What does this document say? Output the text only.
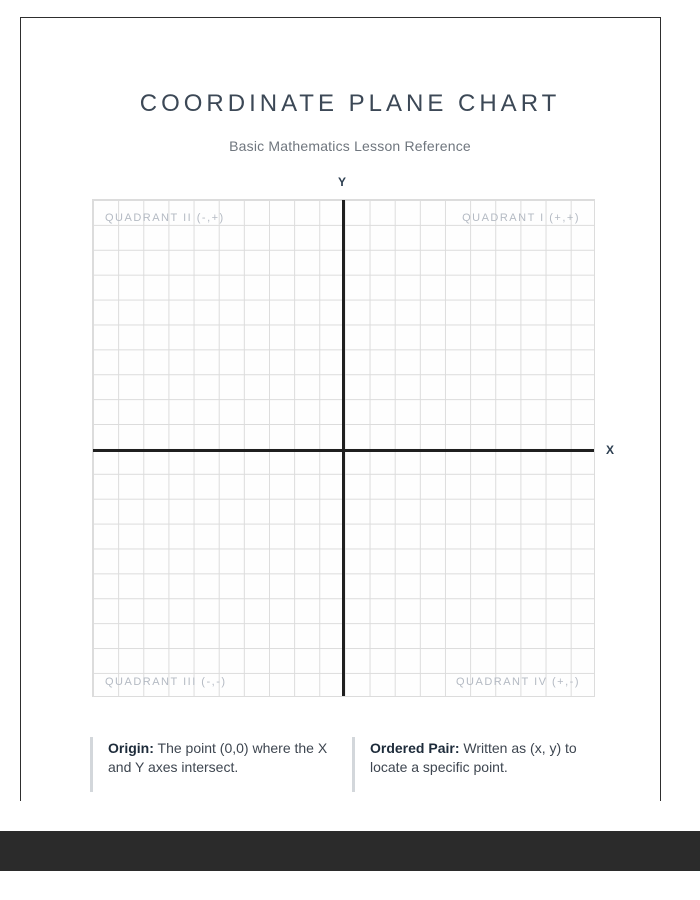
COORDINATE PLANE CHART
Basic Mathematics Lesson Reference
Y
X
QUADRANT II (-,+)	QUADRANT I (+,+)
QUADRANT III (-,-)	QUADRANT IV (+,-)
Origin: The point (0,0) where the X and Y axes intersect.
Ordered Pair: Written as (x, y) to locate a specific point.
